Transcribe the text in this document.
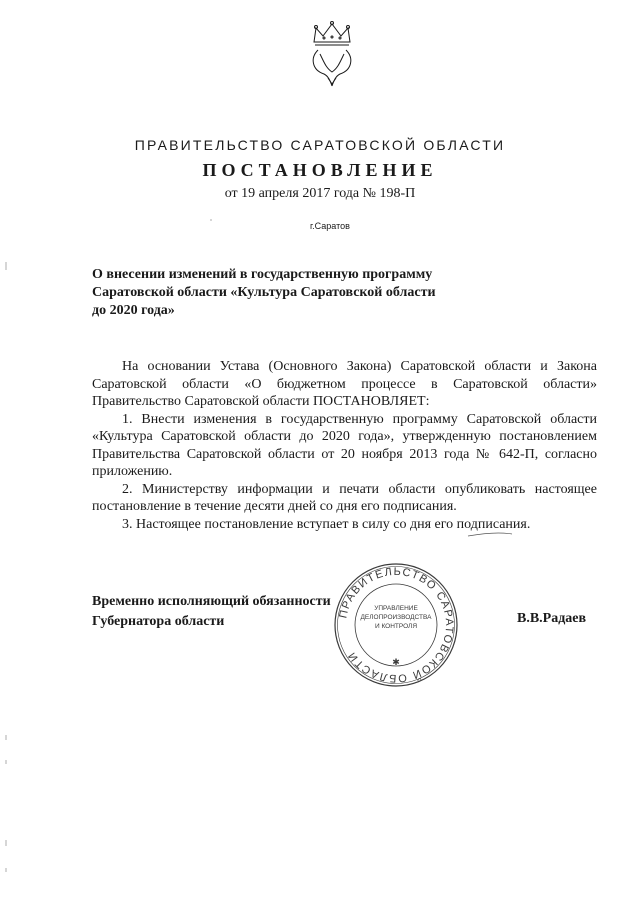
ПРАВИТЕЛЬСТВО САРАТОВСКОЙ ОБЛАСТИ
ПОСТАНОВЛЕНИЕ
от 19 апреля 2017 года № 198-П
г.Саратов
О внесении изменений в государственную программу
Саратовской области «Культура Саратовской области
до 2020 года»

На основании Устава (Основного Закона) Саратовской области и Закона Саратовской области «О бюджетном процессе в Саратовской области» Правительство Саратовской области ПОСТАНОВЛЯЕТ:

1. Внести изменения в государственную программу Саратовской области «Культура Саратовской области до 2020 года», утвержденную постановлением Правительства Саратовской области от 20 ноября 2013 года № 642-П, согласно приложению.

2. Министерству информации и печати области опубликовать настоящее постановление в течение десяти дней со дня его подписания.

3. Настоящее постановление вступает в силу со дня его подписания.

Временно исполняющий обязанности
Губернатора области	В.В.Радаев
ПРАВИТЕЛЬСТВО САРАТОВСКОЙ ОБЛАСТИ	✱
УПРАВЛЕНИЕ
ДЕЛОПРОИЗВОДСТВА
И КОНТРОЛЯ
